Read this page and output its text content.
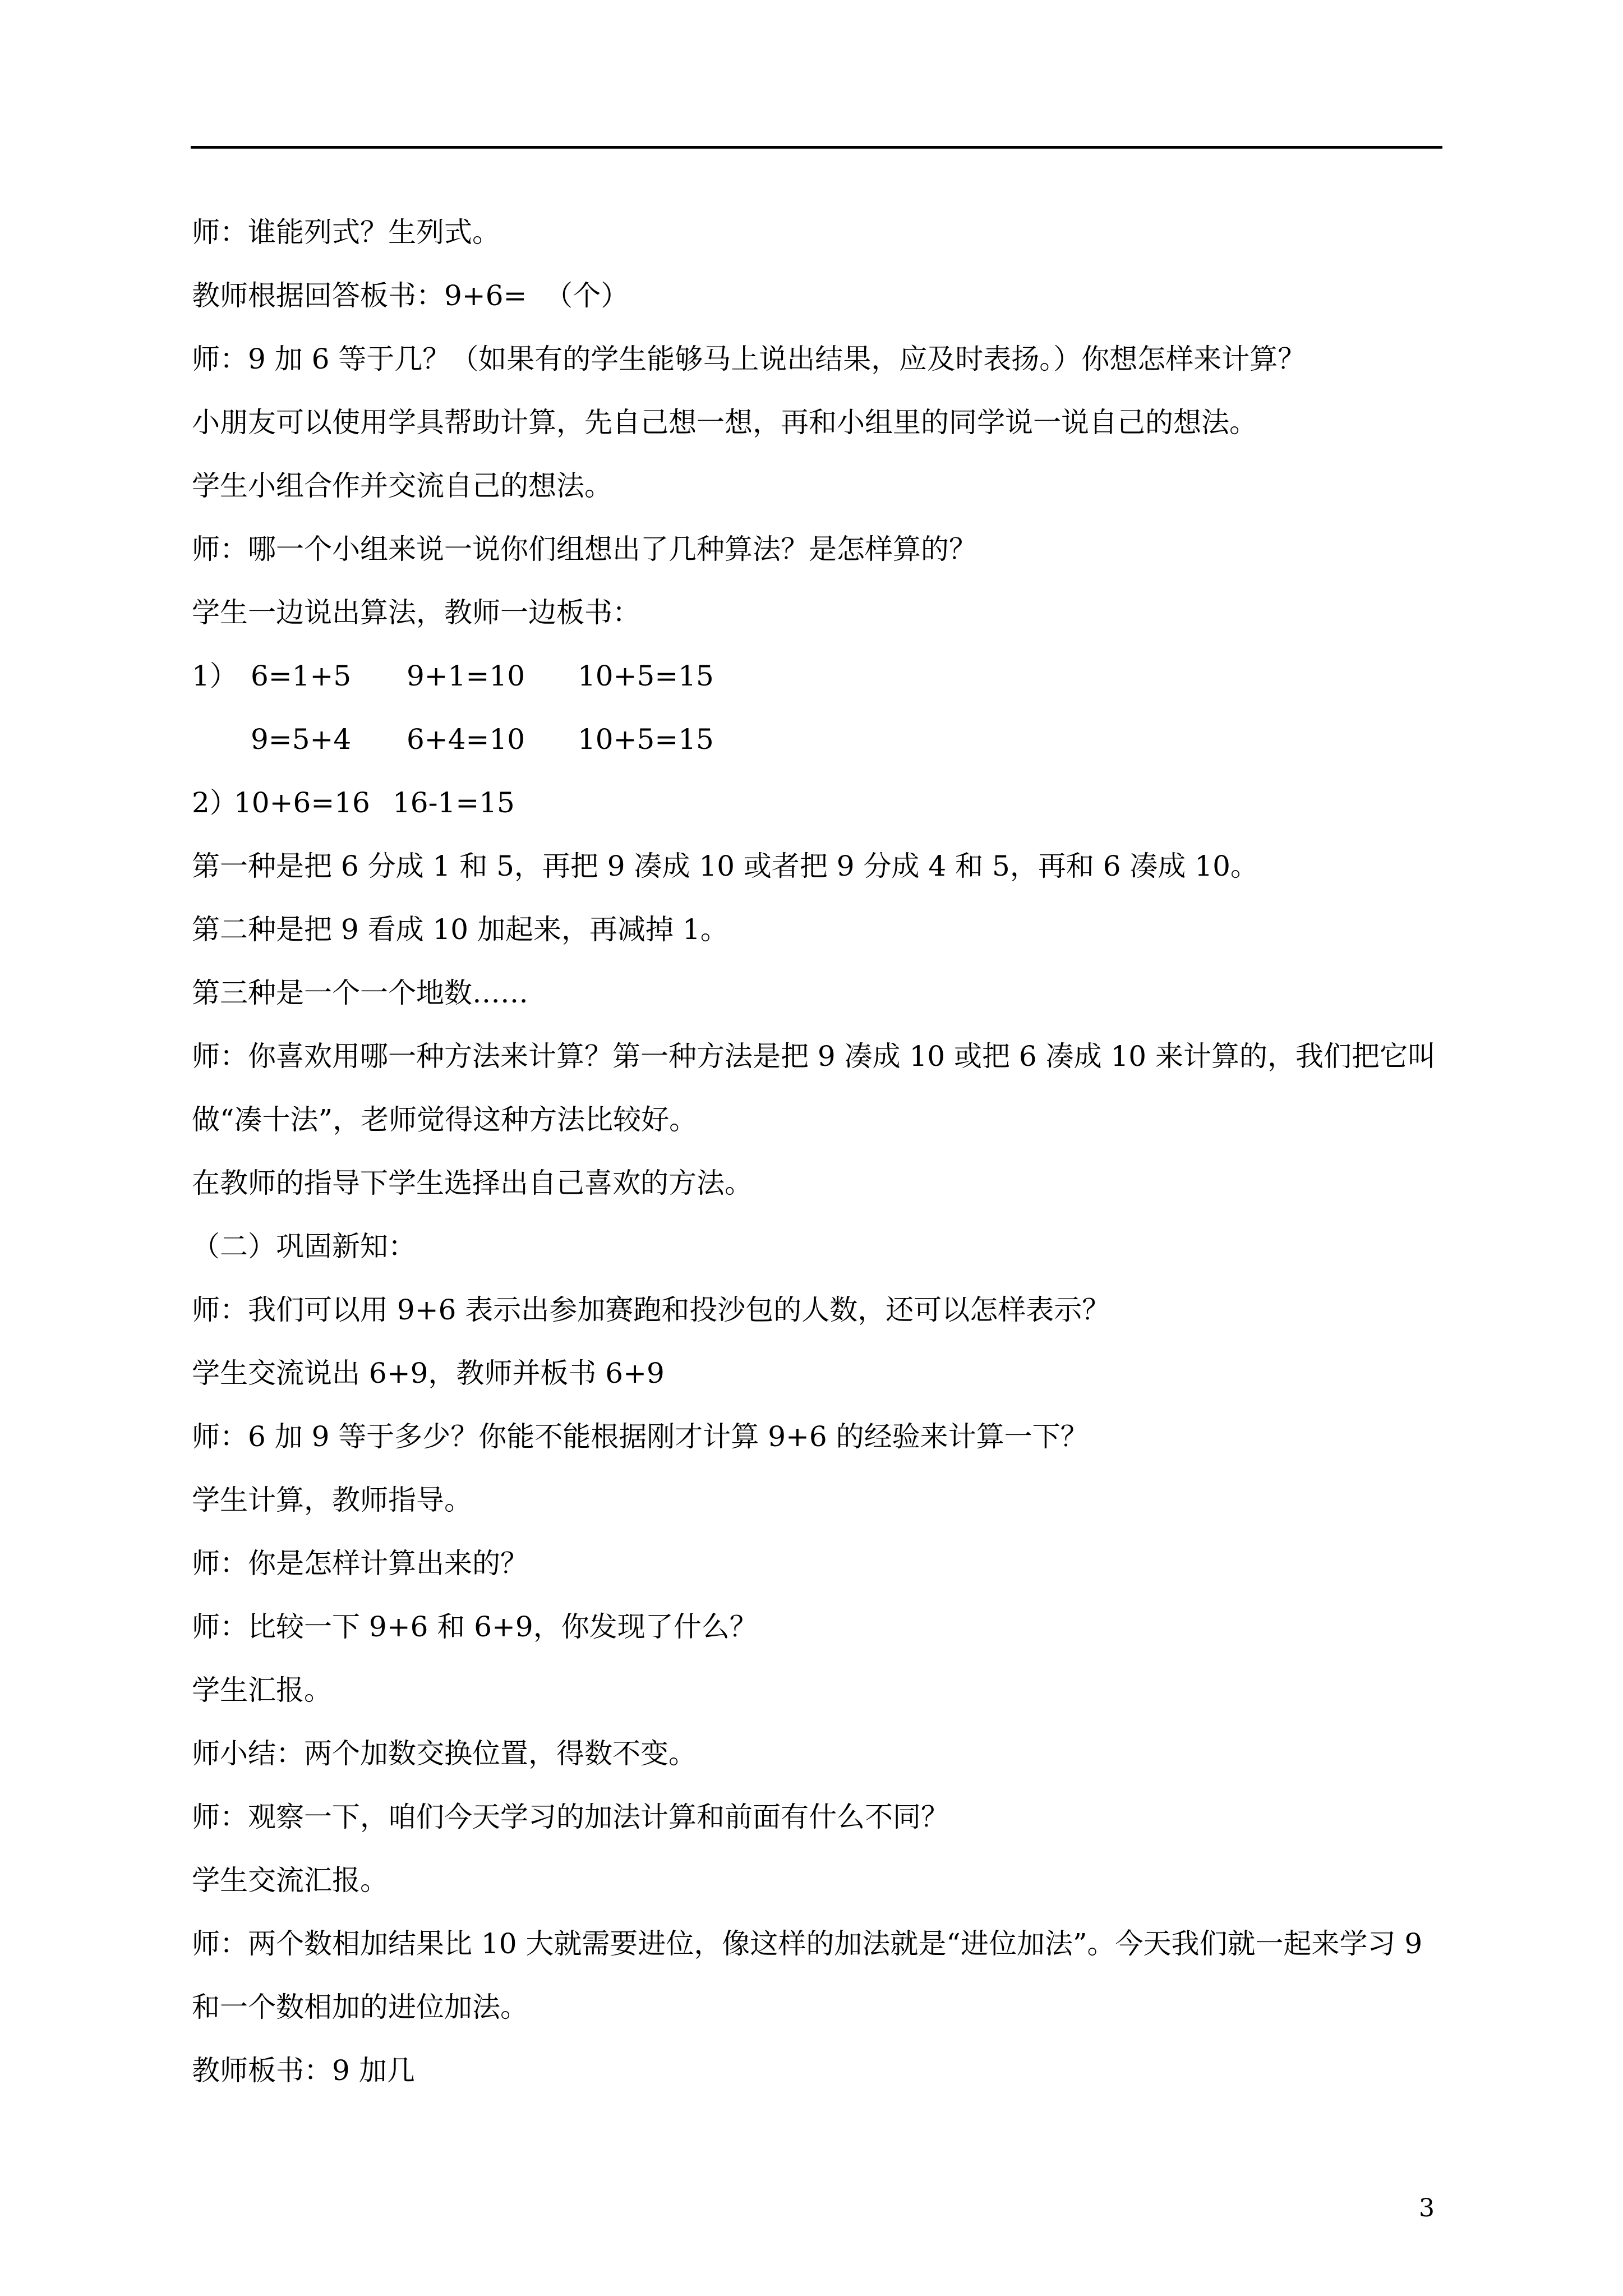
师：谁能列式？生列式。
教师根据回答板书：9+6=  （个）
师：9 加 6 等于几？（如果有的学生能够马上说出结果，应及时表扬。）你想怎样来计算？
小朋友可以使用学具帮助计算，先自己想一想，再和小组里的同学说一说自己的想法。
学生小组合作并交流自己的想法。
师：哪一个小组来说一说你们组想出了几种算法？是怎样算的？
学生一边说出算法，教师一边板书：
1） 6=1+5 9+1=10 10+5=15
9=5+4 6+4=10 10+5=15
2）
10+6=16 16-1=15
第一种是把 6 分成 1 和 5，再把 9 凑成 10 或者把 9 分成 4 和 5，再和 6 凑成 10。
第二种是把 9 看成 10 加起来，再减掉 1。
第三种是一个一个地数……
师：你喜欢用哪一种方法来计算？第一种方法是把 9 凑成 10 或把 6 凑成 10 来计算的，我们把它叫
做“凑十法”，老师觉得这种方法比较好。
在教师的指导下学生选择出自己喜欢的方法。
（二）巩固新知：
师：我们可以用 9+6 表示出参加赛跑和投沙包的人数，还可以怎样表示？
学生交流说出 6+9，教师并板书 6+9
师：6 加 9 等于多少？你能不能根据刚才计算 9+6 的经验来计算一下？
学生计算，教师指导。
师：你是怎样计算出来的？
师：比较一下 9+6 和 6+9，你发现了什么？
学生汇报。
师小结：两个加数交换位置，得数不变。
师：观察一下，咱们今天学习的加法计算和前面有什么不同？
学生交流汇报。
师：两个数相加结果比 10 大就需要进位，像这样的加法就是“进位加法”。今天我们就一起来学习 9
和一个数相加的进位加法。
教师板书：9 加几
3
